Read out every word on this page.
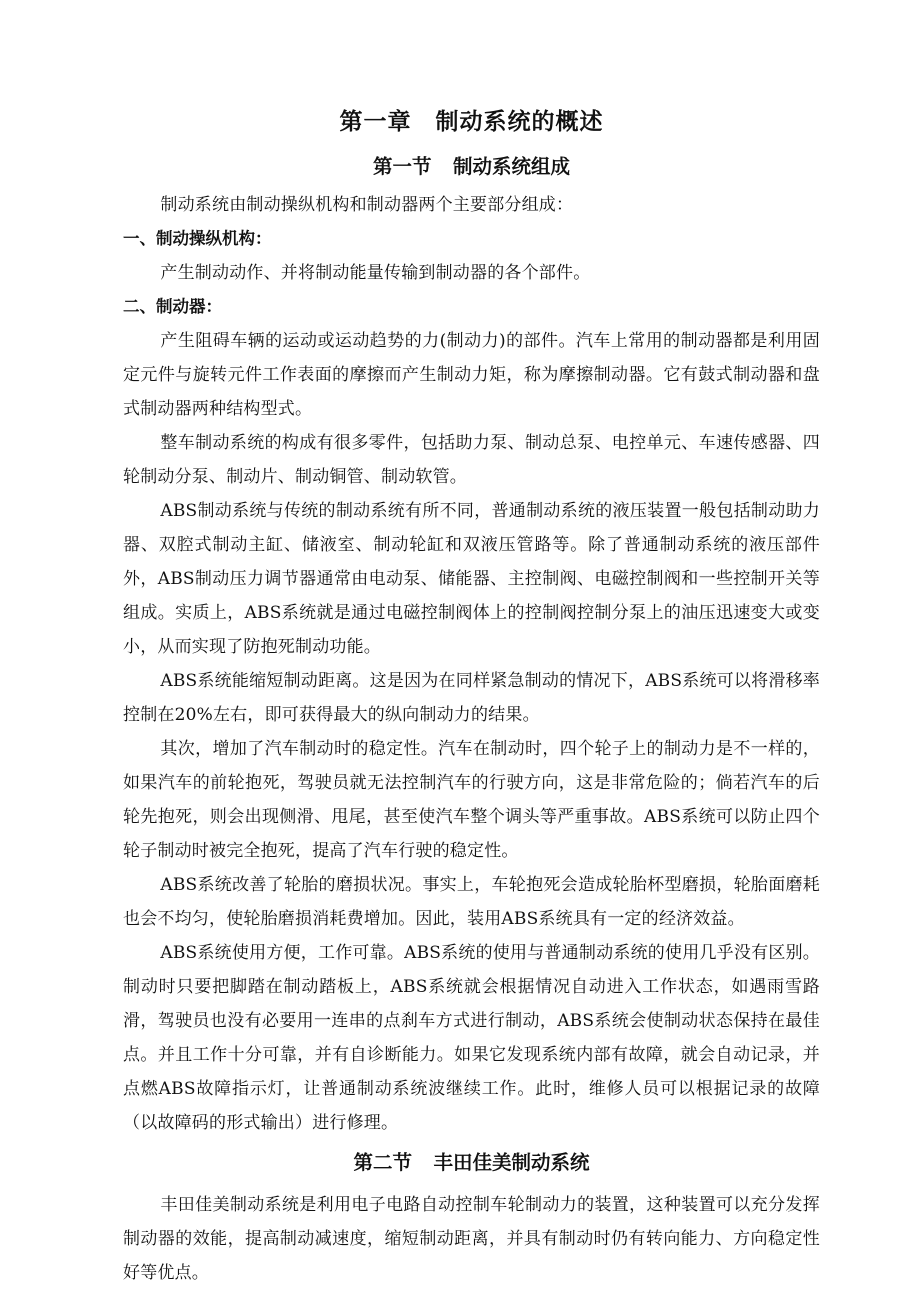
第一章　制动系统的概述
第一节 制动系统组成

制动系统由制动操纵机构和制动器两个主要部分组成：

一、制动操纵机构：

产生制动动作、并将制动能量传输到制动器的各个部件。

二、制动器：

产生阻碍车辆的运动或运动趋势的力(制动力)的部件。汽车上常用的制动器都是利用固定元件与旋转元件工作表面的摩擦而产生制动力矩，称为摩擦制动器。它有鼓式制动器和盘式制动器两种结构型式。

整车制动系统的构成有很多零件，包括助力泵、制动总泵、电控单元、车速传感器、四轮制动分泵、制动片、制动铜管、制动软管。

ABS制动系统与传统的制动系统有所不同，普通制动系统的液压装置一般包括制动助力器、双腔式制动主缸、储液室、制动轮缸和双液压管路等。除了普通制动系统的液压部件外，ABS制动压力调节器通常由电动泵、储能器、主控制阀、电磁控制阀和一些控制开关等组成。实质上，ABS系统就是通过电磁控制阀体上的控制阀控制分泵上的油压迅速变大或变小，从而实现了防抱死制动功能。

ABS系统能缩短制动距离。这是因为在同样紧急制动的情况下，ABS系统可以将滑移率控制在20%左右，即可获得最大的纵向制动力的结果。

其次，增加了汽车制动时的稳定性。汽车在制动时，四个轮子上的制动力是不一样的，如果汽车的前轮抱死，驾驶员就无法控制汽车的行驶方向，这是非常危险的；倘若汽车的后轮先抱死，则会出现侧滑、甩尾，甚至使汽车整个调头等严重事故。ABS系统可以防止四个轮子制动时被完全抱死，提高了汽车行驶的稳定性。

ABS系统改善了轮胎的磨损状况。事实上，车轮抱死会造成轮胎杯型磨损，轮胎面磨耗也会不均匀，使轮胎磨损消耗费增加。因此，装用ABS系统具有一定的经济效益。

ABS系统使用方便，工作可靠。ABS系统的使用与普通制动系统的使用几乎没有区别。制动时只要把脚踏在制动踏板上，ABS系统就会根据情况自动进入工作状态，如遇雨雪路滑，驾驶员也没有必要用一连串的点刹车方式进行制动，ABS系统会使制动状态保持在最佳点。并且工作十分可靠，并有自诊断能力。如果它发现系统内部有故障，就会自动记录，并点燃ABS故障指示灯，让普通制动系统波继续工作。此时，维修人员可以根据记录的故障（以故障码的形式输出）进行修理。

第二节 丰田佳美制动系统

丰田佳美制动系统是利用电子电路自动控制车轮制动力的装置，这种装置可以充分发挥制动器的效能，提高制动减速度，缩短制动距离，并具有制动时仍有转向能力、方向稳定性好等优点。
